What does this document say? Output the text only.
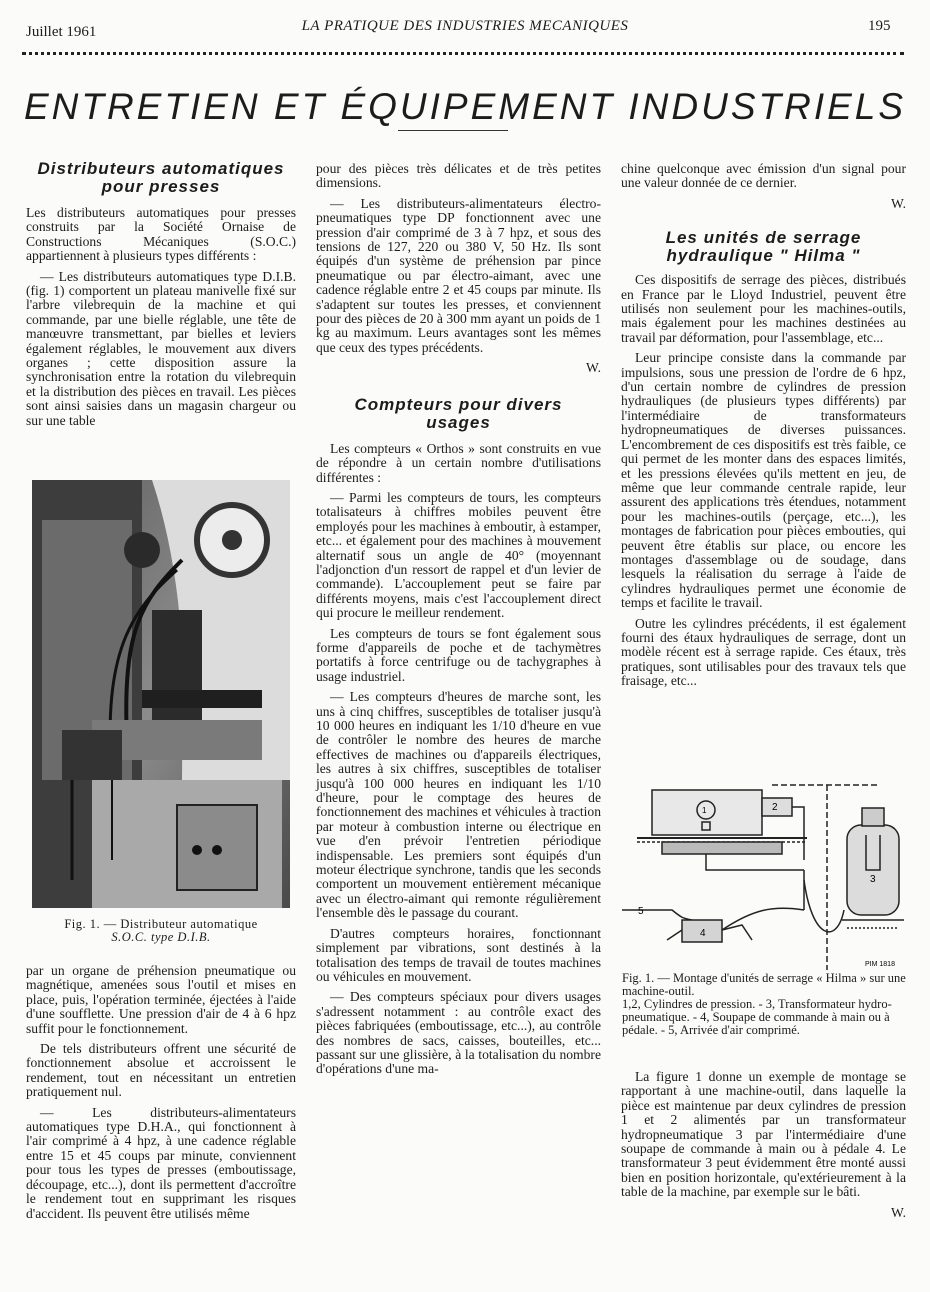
Juillet 1961	LA PRATIQUE DES INDUSTRIES MECANIQUES	195
ENTRETIEN ET ÉQUIPEMENT INDUSTRIELS
Distributeurs automatiques pour presses

Les distributeurs automatiques pour presses construits par la Société Ornaise de Constructions Mécaniques (S.O.C.) appartiennent à plusieurs types différents :

— Les distributeurs automatiques type D.I.B. (fig. 1) comportent un plateau manivelle fixé sur l'arbre vilebrequin de la machine et qui commande, par une bielle réglable, une tête de manœuvre transmettant, par bielles et leviers également réglables, le mouvement aux divers organes ; cette disposition assure la synchronisation entre la rotation du vilebrequin et la distribution des pièces en travail. Les pièces sont ainsi saisies dans un magasin chargeur ou sur une table

Fig. 1. — Distributeur automatique
S.O.C. type D.I.B.

par un organe de préhension pneumatique ou magnétique, amenées sous l'outil et mises en place, puis, l'opération terminée, éjectées à l'aide d'une soufflette. Une pression d'air de 4 à 6 hpz suffit pour le fonctionnement.

De tels distributeurs offrent une sécurité de fonctionnement absolue et accroissent le rendement, tout en nécessitant un entretien pratiquement nul.

— Les distributeurs-alimentateurs automatiques type D.H.A., qui fonctionnent à l'air comprimé à 4 hpz, à une cadence réglable entre 15 et 45 coups par minute, conviennent pour tous les types de presses (emboutissage, découpage, etc...), dont ils permettent d'accroître le rendement tout en supprimant les risques d'accident. Ils peuvent être utilisés même

pour des pièces très délicates et de très petites dimensions.

— Les distributeurs-alimentateurs électro-pneumatiques type DP fonctionnent avec une pression d'air comprimé de 3 à 7 hpz, et sous des tensions de 127, 220 ou 380 V, 50 Hz. Ils sont équipés d'un système de préhension par pince pneumatique ou par électro-aimant, avec une cadence réglable entre 2 et 45 coups par minute. Ils s'adaptent sur toutes les presses, et conviennent pour des pièces de 20 à 300 mm ayant un poids de 1 kg au maximum. Leurs avantages sont les mêmes que ceux des types précédents.

W.

Compteurs pour divers usages

Les compteurs « Orthos » sont construits en vue de répondre à un certain nombre d'utilisations différentes :

— Parmi les compteurs de tours, les compteurs totalisateurs à chiffres mobiles peuvent être employés pour les machines à emboutir, à estamper, etc... et également pour des machines à mouvement alternatif sous un angle de 40° (moyennant l'adjonction d'un ressort de rappel et d'un levier de commande). L'accouplement peut se faire par différents moyens, mais c'est l'accouplement direct qui procure le meilleur rendement.

Les compteurs de tours se font également sous forme d'appareils de poche et de tachymètres portatifs à force centrifuge ou de tachygraphes à usage industriel.

— Les compteurs d'heures de marche sont, les uns à cinq chiffres, susceptibles de totaliser jusqu'à 10 000 heures en indiquant les 1/10 d'heure en vue de contrôler le nombre des heures de marche effectives de machines ou d'appareils électriques, les autres à six chiffres, susceptibles de totaliser jusqu'à 100 000 heures en indiquant les 1/10 d'heure, pour le comptage des heures de fonctionnement des machines et véhicules à traction par moteur à combustion interne ou électrique en vue d'en prévoir l'entretien périodique indispensable. Les premiers sont équipés d'un moteur électrique synchrone, tandis que les seconds comportent un mouvement entièrement mécanique avec un électro-aimant qui remonte régulièrement l'ensemble dès le passage du courant.

D'autres compteurs horaires, fonctionnant simplement par vibrations, sont destinés à la totalisation des temps de travail de toutes machines ou véhicules en mouvement.

— Des compteurs spéciaux pour divers usages s'adressent notamment : au contrôle exact des pièces fabriquées (emboutissage, etc...), au contrôle des nombres de sacs, caisses, bouteilles, etc... passant sur une glissière, à la totalisation du nombre d'opérations d'une ma-

chine quelconque avec émission d'un signal pour une valeur donnée de ce dernier.

W.

Les unités de serrage hydraulique " Hilma "

Ces dispositifs de serrage des pièces, distribués en France par le Lloyd Industriel, peuvent être utilisés non seulement pour les machines-outils, mais également pour les machines destinées au travail par déformation, pour l'assemblage, etc...

Leur principe consiste dans la commande par impulsions, sous une pression de l'ordre de 6 hpz, d'un certain nombre de cylindres de pression hydrauliques (de plusieurs types différents) par l'intermédiaire de transformateurs hydropneumatiques de diverses puissances. L'encombrement de ces dispositifs est très faible, ce qui permet de les monter dans des espaces limités, et les pressions élevées qu'ils mettent en jeu, de même que leur commande centrale rapide, leur assurent des applications très étendues, notamment pour les machines-outils (perçage, etc...), les montages de fabrication pour pièces embouties, qui peuvent être établis sur place, ou encore les montages d'assemblage ou de soudage, dans lesquels la réalisation du serrage à l'aide de cylindres hydrauliques permet une économie de temps et facilite le travail.

Outre les cylindres précédents, il est également fourni des étaux hydrauliques de serrage, dont un modèle récent est à serrage rapide. Ces étaux, très pratiques, sont utilisables pour des travaux tels que fraisage, etc...

5
4
3
2
1
PIM 1818
Fig. 1. — Montage d'unités de serrage « Hilma » sur une machine-outil.
1,2, Cylindres de pression. - 3, Transformateur hydro-pneumatique. - 4, Soupape de commande à main ou à pédale. - 5, Arrivée d'air comprimé.

La figure 1 donne un exemple de montage se rapportant à une machine-outil, dans laquelle la pièce est maintenue par deux cylindres de pression 1 et 2 alimentés par un transformateur hydropneumatique 3 par l'intermédiaire d'une soupape de commande à main ou à pédale 4. Le transformateur 3 peut évidemment être monté aussi bien en position horizontale, qu'extérieurement à la table de la machine, par exemple sur le bâti.

W.
